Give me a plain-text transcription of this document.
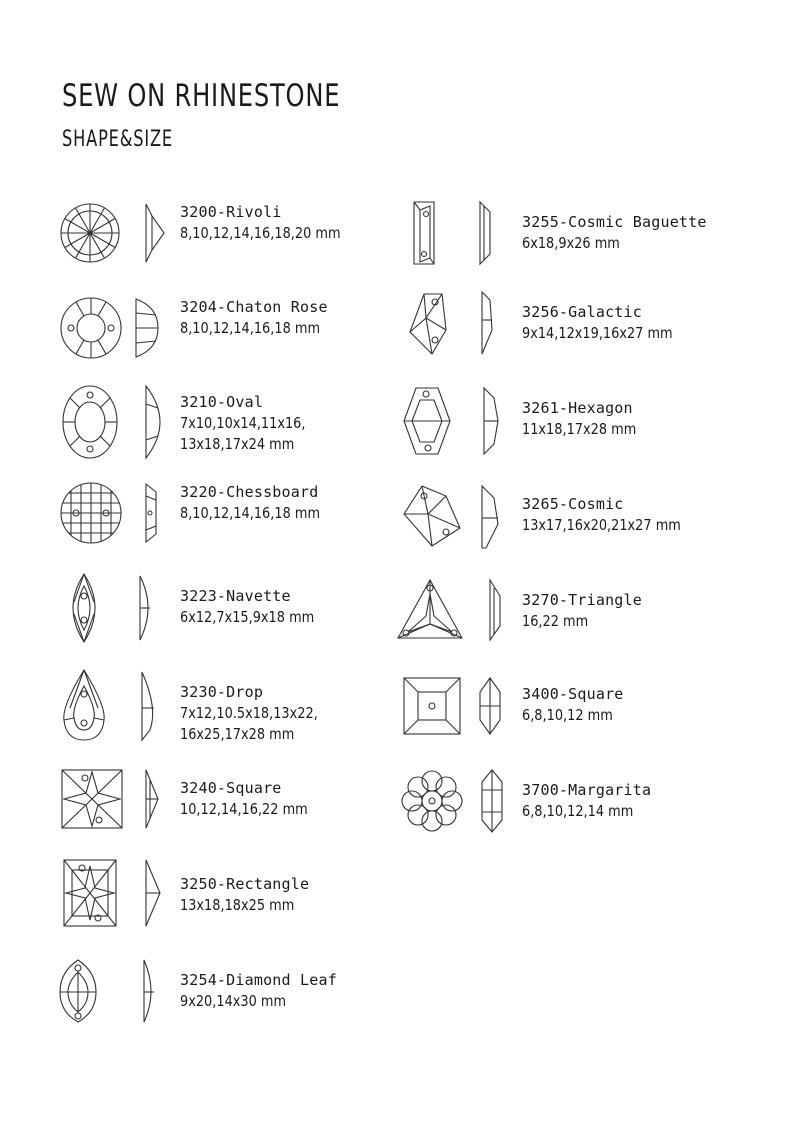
SEW ON RHINESTONE
SHAPE&SIZE
3200-Rivoli
8,10,12,14,16,18,20 mm
3204-Chaton Rose
8,10,12,14,16,18 mm
3210-Oval
7x10,10x14,11x16,
13x18,17x24 mm
3220-Chessboard
8,10,12,14,16,18 mm
3223-Navette
6x12,7x15,9x18 mm
3230-Drop
7x12,10.5x18,13x22,
16x25,17x28 mm
3240-Square
10,12,14,16,22 mm
3250-Rectangle
13x18,18x25 mm
3254-Diamond Leaf
9x20,14x30 mm
3255-Cosmic Baguette
6x18,9x26 mm
3256-Galactic
9x14,12x19,16x27 mm
3261-Hexagon
11x18,17x28 mm
3265-Cosmic
13x17,16x20,21x27 mm
3270-Triangle
16,22 mm
3400-Square
6,8,10,12 mm
3700-Margarita
6,8,10,12,14 mm
